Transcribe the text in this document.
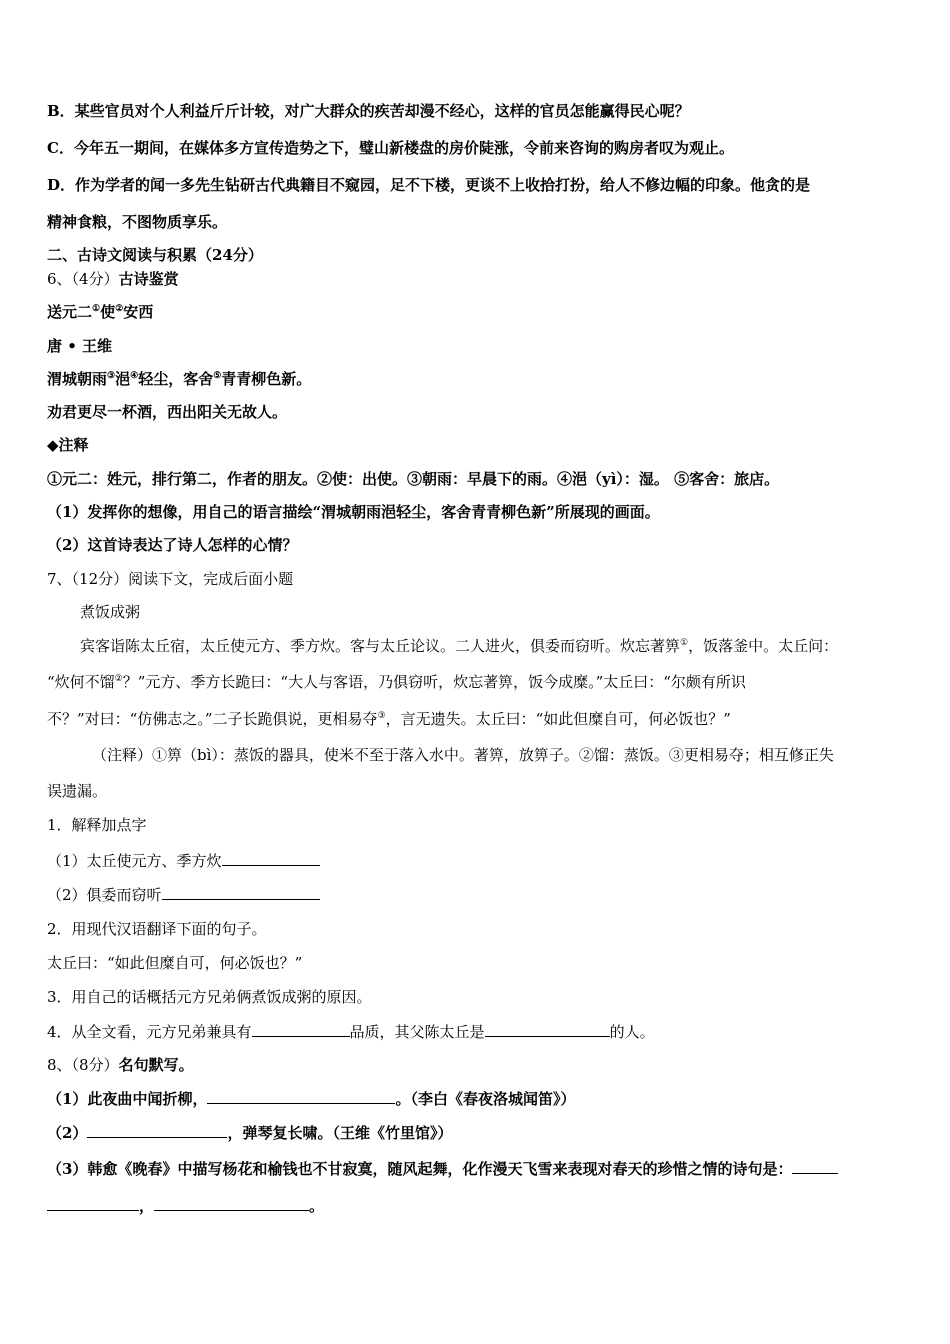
B．某些官员对个人利益斤斤计较，对广大群众的疾苦却漫不经心，这样的官员怎能赢得民心呢？
C．今年五一期间，在媒体多方宣传造势之下，璧山新楼盘的房价陡涨，令前来咨询的购房者叹为观止。
D．作为学者的闻一多先生钻研古代典籍目不窥园，足不下楼，更谈不上收拾打扮，给人不修边幅的印象。他贪的是
精神食粮，不图物质享乐。
二、古诗文阅读与积累（24分）
6、（4分）古诗鉴赏
送元二①使②安西
唐 • 王维
渭城朝雨③浥④轻尘，客舍⑤青青柳色新。
劝君更尽一杯酒，西出阳关无故人。
◆注释
①元二：姓元，排行第二，作者的朋友。②使：出使。③朝雨：早晨下的雨。④浥（yì）：湿。 ⑤客舍：旅店。
（1）发挥你的想像，用自己的语言描绘“渭城朝雨浥轻尘，客舍青青柳色新”所展现的画面。
（2）这首诗表达了诗人怎样的心情？
7、（12分）阅读下文，完成后面小题
煮饭成粥
宾客诣陈太丘宿，太丘使元方、季方炊。客与太丘论议。二人进火，俱委而窃听。炊忘著箅①，饭落釜中。太丘问：
“炊何不馏②？”元方、季方长跪曰：“大人与客语，乃俱窃听，炊忘著箅，饭今成糜。”太丘曰：“尔颇有所识
不？”对曰：“仿佛志之。”二子长跪俱说，更相易夺③，言无遗失。太丘曰：“如此但糜自可，何必饭也？”
（注释）①箅（bì）：蒸饭的器具，使米不至于落入水中。著箅，放箅子。②馏：蒸饭。③更相易夺；相互修正失
误遗漏。
1．解释加点字
（1）太丘使元方、季方炊
（2）俱委而窃听
2．用现代汉语翻译下面的句子。
太丘曰：“如此但糜自可，何必饭也？”
3．用自己的话概括元方兄弟俩煮饭成粥的原因。
4．从全文看，元方兄弟兼具有	品质，其父陈太丘是	的人。
8、（8分）名句默写。
（1）此夜曲中闻折柳，	。（李白《春夜洛城闻笛》）
（2）	，弹琴复长啸。（王维《竹里馆》）
（3）韩愈《晚春》中描写杨花和榆钱也不甘寂寞，随风起舞，化作漫天飞雪来表现对春天的珍惜之情的诗句是：
，	。
